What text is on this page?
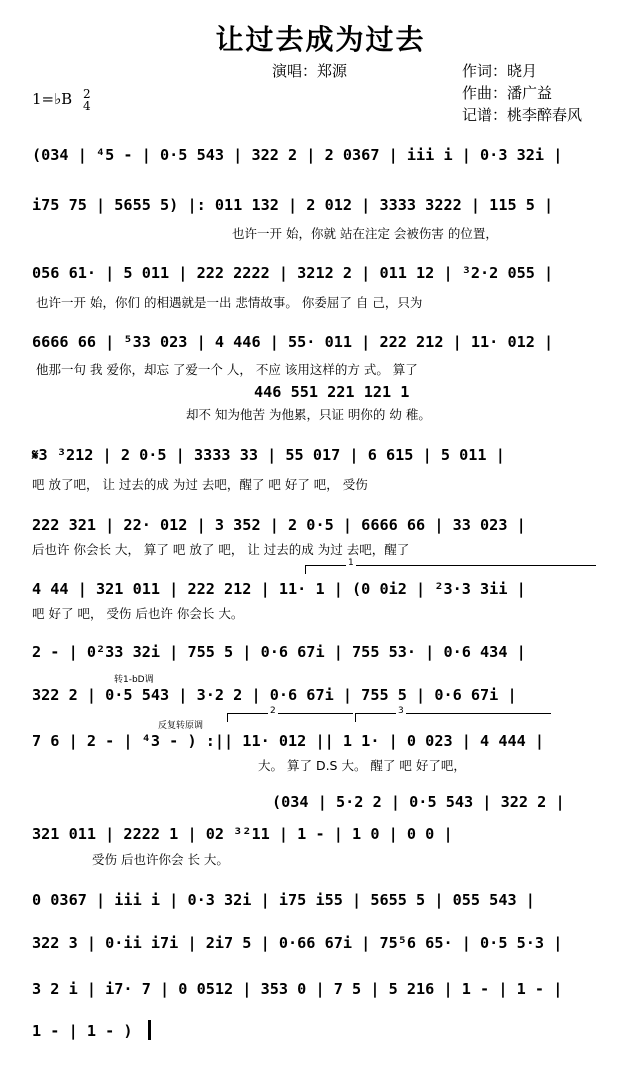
让过去成为过去
演唱：郑源	作词：晓月
作曲：潘广益
记谱：桃李醉春风
1=♭B 2
4
转1-bD调
反复转原调
1
2	3
(034 | ⁴5 - | 0·5 543 | 322 2 | 2 0367 | iii i | 0·3 32i |
i75 75 | 5655 5) |: 011 132 | 2 012 | 3333 3222 | 115 5 |
也许一开 始，你就 站在注定 会被伤害 的位置，
056 61· | 5 011 | 222 2222 | 3212 2 | 011 12 | ³2·2 055 |
也许一开 始，你们 的相遇就是一出 悲情故事。 你委屈了 自 己，只为
6666 66 | ⁵33 023 | 4 446 | 55· 011 | 222 212 | 11· 012 |
他那一句 我 爱你，却忘 了爱一个 人， 不应 该用这样的方 式。 算了
446 551 221 121 1
却不 知为他苦 为他累，只证 明你的 幼 稚。
𝄋3 ³212 | 2 0·5 | 3333 33 | 55 017 | 6 615 | 5 011 |
吧 放了吧， 让 过去的成 为过 去吧，醒了 吧 好了 吧， 受伤
222 321 | 22· 012 | 3 352 | 2 0·5 | 6666 66 | 33 023 |
后也许 你会长 大， 算了 吧 放了 吧， 让 过去的成 为过 去吧，醒了
4 44 | 321 011 | 222 212 | 11· 1 | (0 0i2 | ²3·3 3ii |
吧 好了 吧， 受伤 后也许 你会长 大。
2 - | 0²33 32i | 755 5 | 0·6 67i | 755 53· | 0·6 434 |
322 2 | 0·5 543 | 3·2 2 | 0·6 67i | 755 5 | 0·6 67i |
7 6 | 2 - | ⁴3 - ) :|| 11· 012 || 1 1· | 0 023 | 4 444 |
大。 算了 D.S 大。 醒了 吧 好了吧，
(034 | 5·2 2 | 0·5 543 | 322 2 |
321 011 | 2222 1 | 02 ³²11 | 1 - | 1 0 | 0 0 |
受伤 后也许你会 长 大。
0 0367 | iii i | 0·3 32i | i75 i55 | 5655 5 | 055 543 |
322 3 | 0·ii i7i | 2i7 5 | 0·66 67i | 75⁵6 65· | 0·5 5·3 |
3 2 i | i7· 7 | 0 0512 | 353 0 | 7 5 | 5 216 | 1 - | 1 - |
1 - | 1 - )
